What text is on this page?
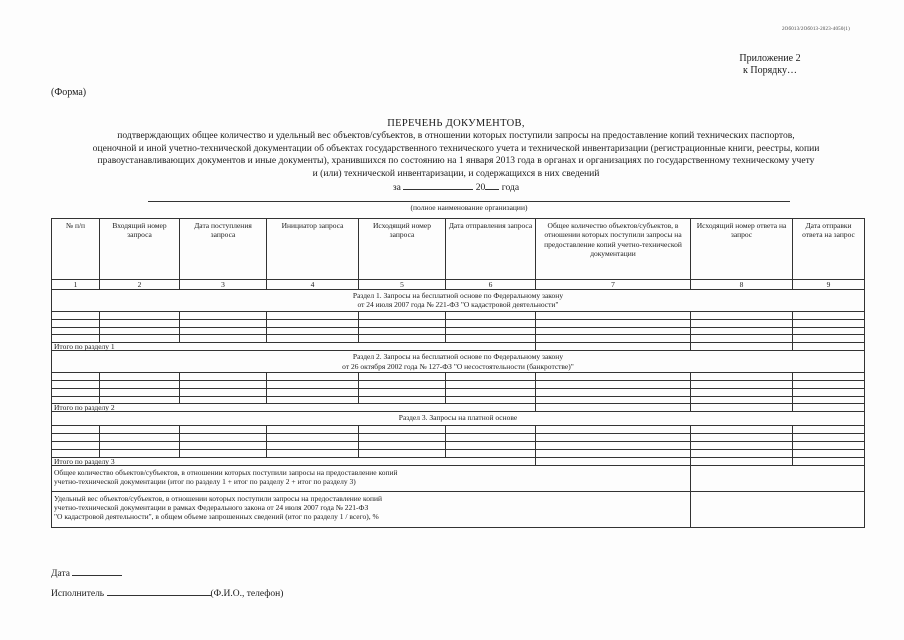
2Об013/2Об013-2023-4050(1)
Приложение 2
к Порядку…
(Форма)
ПЕРЕЧЕНЬ ДОКУМЕНТОВ,
подтверждающих общее количество и удельный вес объектов/субъектов, в отношении которых поступили запросы на предоставление копий технических паспортов,
оценочной и иной учетно-технической документации об объектах государственного технического учета и технической инвентаризации (регистрационные книги, реестры, копии
правоустанавливающих документов и иные документы), хранившихся по состоянию на 1 января 2013 года в органах и организациях по государственному техническому учету
и (или) технической инвентаризации, и содержащихся в них сведений
за	20 года
(полное наименование организации)
№ п/п	Входящий номер запроса	Дата поступления запроса	Инициатор запроса	Исходящий номер запроса	Дата отправления запроса	Общее количество объектов/субъектов, в отношении которых поступили запросы на предоставление копий учетно-технической документации	Исходящий номер ответа на запрос	Дата отправки ответа на запрос
1	2	3	4	5	6	7	8	9

Раздел 1. Запросы на бесплатной основе по Федеральному закону
от 24 июля 2007 года № 221-ФЗ "О кадастровой деятельности"								

Итого по разделу 1								

Раздел 2. Запросы на бесплатной основе по Федеральному закону
от 26 октября 2002 года № 127-ФЗ "О несостоятельности (банкротстве)"								

Итого по разделу 2								
Раздел 3. Запросы на платной основе								

Итого по разделу 3								

Общее количество объектов/субъектов, в отношении которых поступили запросы на предоставление копий
учетно-технической документации (итог по разделу 1 + итог по разделу 2 + итог по разделу 3)								

Удельный вес объектов/субъектов, в отношении которых поступили запросы на предоставление копий
учетно-технической документации в рамках Федерального закона от 24 июля 2007 года № 221-ФЗ
"О кадастровой деятельности", в общем объеме запрошенных сведений (итог по разделу 1 / всего), %								

Дата
Исполнитель	(Ф.И.О., телефон)
